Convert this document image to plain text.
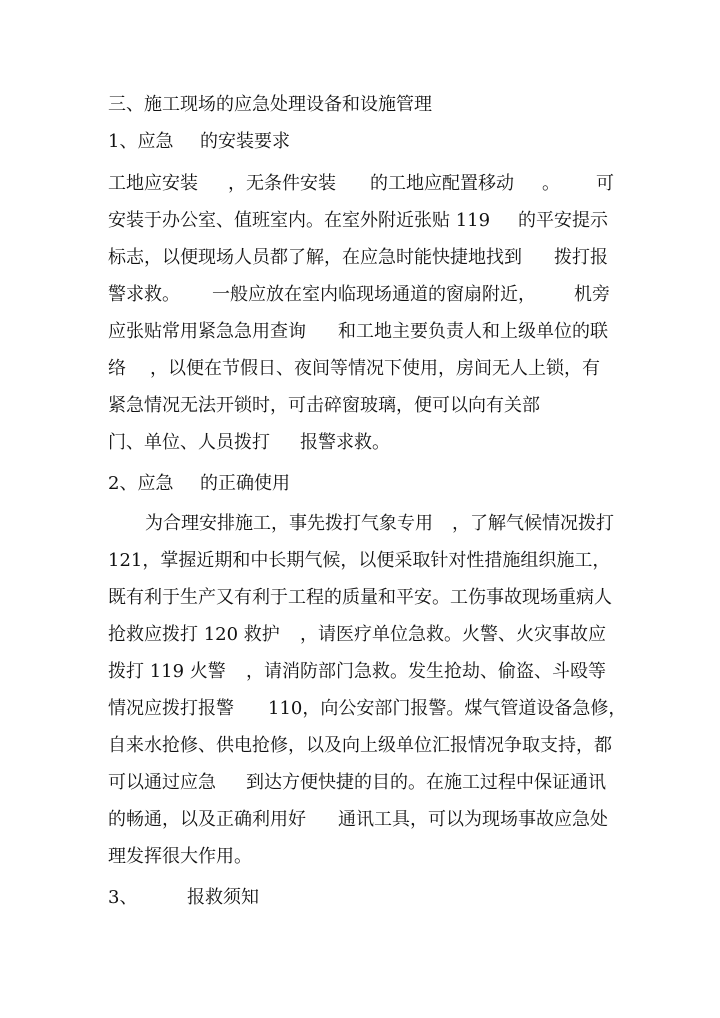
三、施工现场的应急处理设备和设施管理

1、应急

的安装要求

工地应安装

，无条件安装

的工地应配置移动

。

可

安装于办公室、值班室内。在室外附近张贴 119

的平安提示

标志，以便现场人员都了解，在应急时能快捷地找到

拨打报

警求救。

一般应放在室内临现场通道的窗扇附近，

机旁

应张贴常用紧急急用查询

和工地主要负责人和上级单位的联

络

，以便在节假日、夜间等情况下使用，房间无人上锁，有

紧急情况无法开锁时，可击碎窗玻璃，便可以向有关部

门、单位、人员拨打

报警求救。

2、应急

的正确使用

为合理安排施工，事先拨打气象专用

，了解气候情况拨打

121，掌握近期和中长期气候，以便采取针对性措施组织施工，

既有利于生产又有利于工程的质量和平安。工伤事故现场重病人

抢救应拨打 120 救护

，请医疗单位急救。火警、火灾事故应

拨打 119 火警

，请消防部门急救。发生抢劫、偷盗、斗殴等

情况应拨打报警

110，向公安部门报警。煤气管道设备急修，

自来水抢修、供电抢修，以及向上级单位汇报情况争取支持，都

可以通过应急

到达方便快捷的目的。在施工过程中保证通讯

的畅通，以及正确利用好

通讯工具，可以为现场事故应急处

理发挥很大作用。

3、

	报救须知
